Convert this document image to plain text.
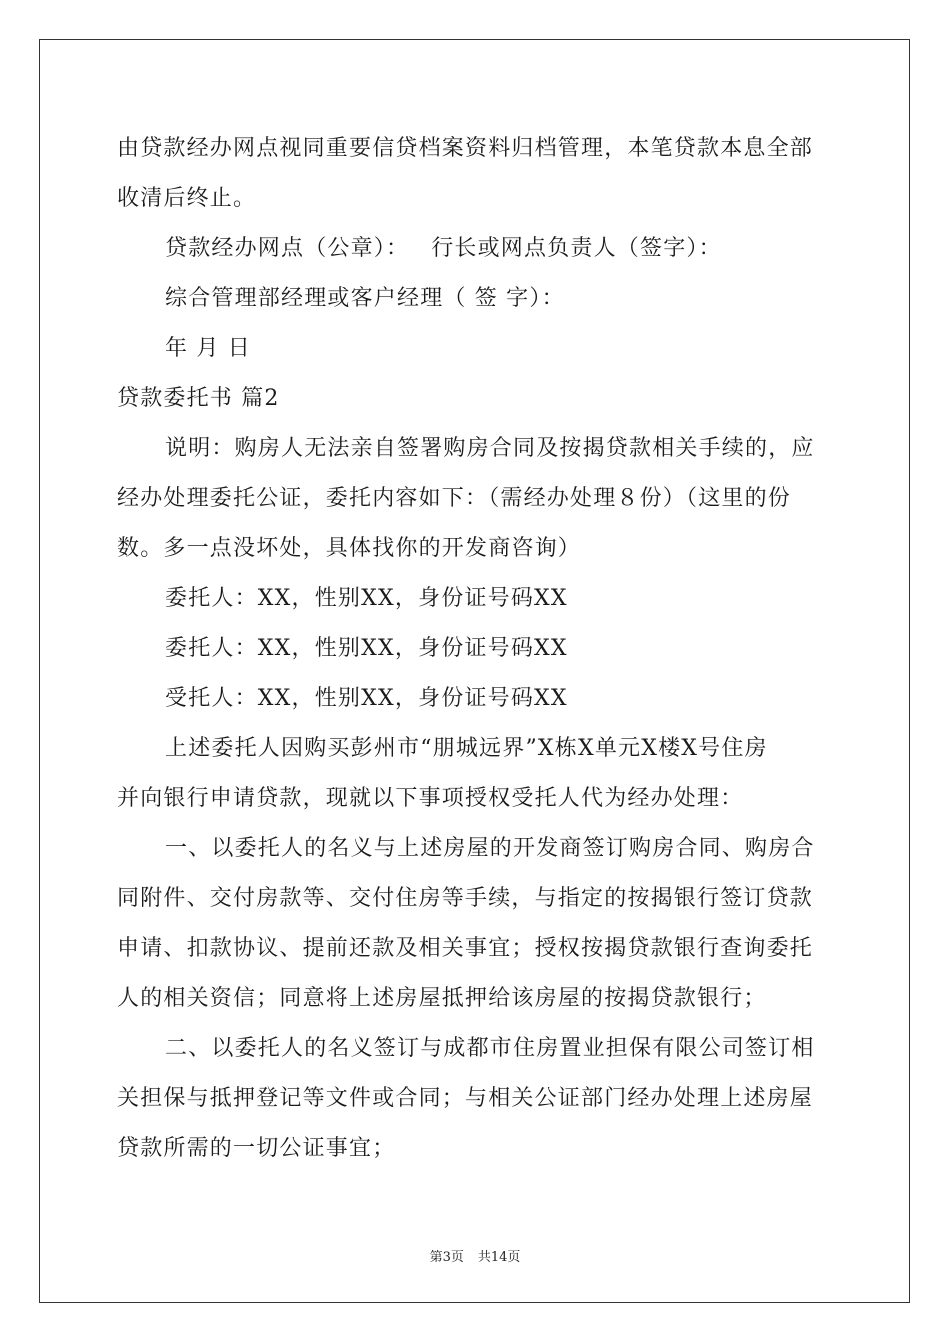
由贷款经办网点视同重要信贷档案资料归档管理，本笔贷款本息全部
收清后终止。
贷款经办网点（公章）： 行长或网点负责人（签字）：
综合管理部经理或客户经理（ 签 字）：
年 月 日
贷款委托书 篇2
说明：购房人无法亲自签署购房合同及按揭贷款相关手续的，应
经办处理委托公证，委托内容如下：（需经办处理８份）（这里的份
数。多一点没坏处，具体找你的开发商咨询）
委托人：XX，性别XX，身份证号码XX
委托人：XX，性别XX，身份证号码XX
受托人：XX，性别XX，身份证号码XX
上述委托人因购买彭州市“朋城远界”X栋X单元X楼X号住房
并向银行申请贷款，现就以下事项授权受托人代为经办处理：
一、以委托人的名义与上述房屋的开发商签订购房合同、购房合
同附件、交付房款等、交付住房等手续，与指定的按揭银行签订贷款
申请、扣款协议、提前还款及相关事宜；授权按揭贷款银行查询委托
人的相关资信；同意将上述房屋抵押给该房屋的按揭贷款银行；
二、以委托人的名义签订与成都市住房置业担保有限公司签订相
关担保与抵押登记等文件或合同；与相关公证部门经办处理上述房屋
贷款所需的一切公证事宜；
第3页 共14页
